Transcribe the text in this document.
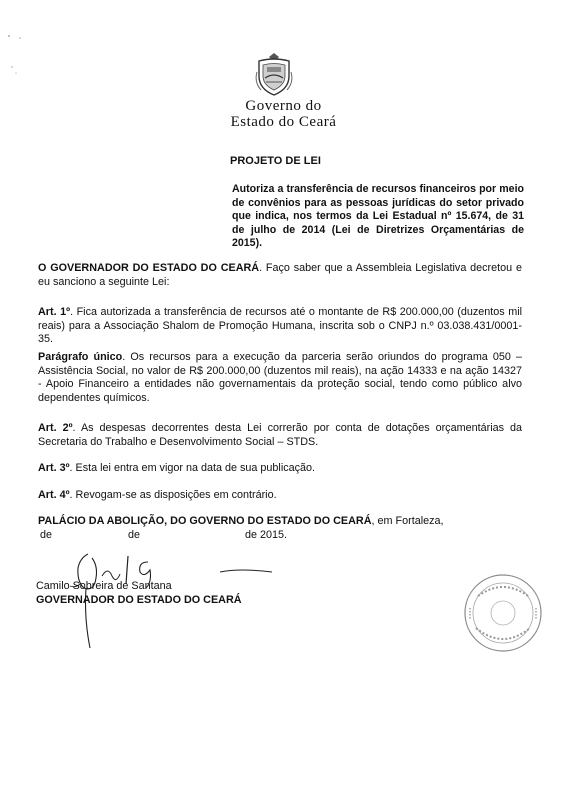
Governo do
Estado do Ceará
PROJETO DE LEI
Autoriza a transferência de recursos financeiros por meio de convênios para as pessoas jurídicas do setor privado que indica, nos termos da Lei Estadual nº 15.674, de 31 de julho de 2014 (Lei de Diretrizes Orçamentárias de 2015).
O GOVERNADOR DO ESTADO DO CEARÁ. Faço saber que a Assembleia Legislativa decretou e eu sanciono a seguinte Lei:
Art. 1º. Fica autorizada a transferência de recursos até o montante de R$ 200.000,00 (duzentos mil reais) para a Associação Shalom de Promoção Humana, inscrita sob o CNPJ n.º 03.038.431/0001-35.
Parágrafo único. Os recursos para a execução da parceria serão oriundos do programa 050 – Assistência Social, no valor de R$ 200.000,00 (duzentos mil reais), na ação 14333 e na ação 14327 - Apoio Financeiro a entidades não governamentais da proteção social, tendo como público alvo dependentes químicos.
Art. 2º. As despesas decorrentes desta Lei correrão por conta de dotações orçamentárias da Secretaria do Trabalho e Desenvolvimento Social – STDS.
Art. 3º. Esta lei entra em vigor na data de sua publicação.
Art. 4º. Revogam-se as disposições em contrário.
PALÁCIO DA ABOLIÇÃO, DO GOVERNO DO ESTADO DO CEARÁ, em Fortaleza,
de	de	de 2015.
Camilo Sobreira de Santana
GOVERNADOR DO ESTADO DO CEARÁ
